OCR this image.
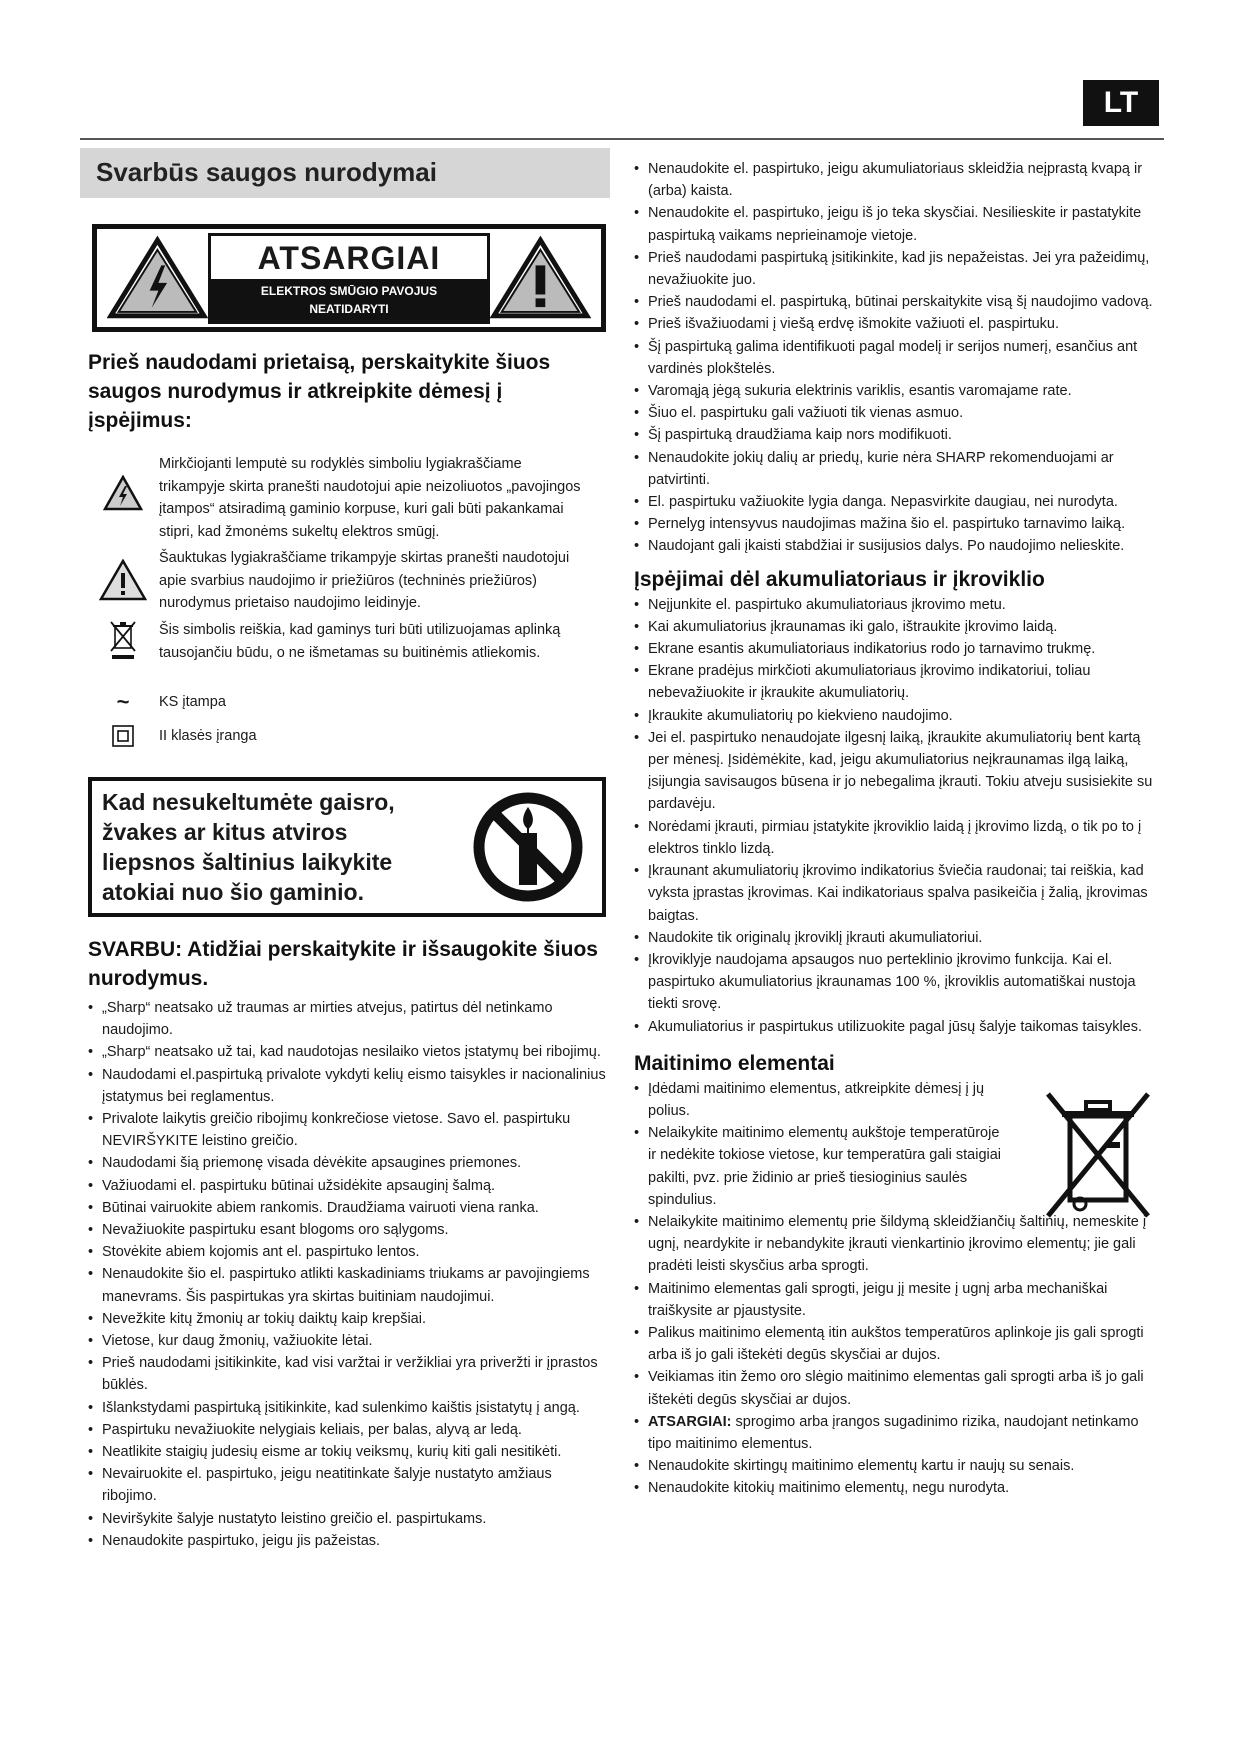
LT
Svarbūs saugos nurodymai
ATSARGIAI
ELEKTROS SMŪGIO PAVOJUS
NEATIDARYTI
Prieš naudodami prietaisą, perskaitykite šiuos saugos nurodymus ir atkreipkite dėmesį į įspėjimus:
Mirkčiojanti lemputė su rodyklės simboliu lygiakraščiame trikampyje skirta pranešti naudotojui apie neizoliuotos „pavojingos įtampos“ atsiradimą gaminio korpuse, kuri gali būti pakankamai stipri, kad žmonėms sukeltų elektros smūgį.
Šauktukas lygiakraščiame trikampyje skirtas pranešti naudotojui apie svarbius naudojimo ir priežiūros (techninės priežiūros) nurodymus prietaiso naudojimo leidinyje.
Šis simbolis reiškia, kad gaminys turi būti utilizuojamas aplinką tausojančiu būdu, o ne išmetamas su buitinėmis atliekomis.
~	KS įtampa
II klasės įranga
Kad nesukeltumėte gaisro,
žvakes ar kitus atviros
liepsnos šaltinius laikykite
atokiai nuo šio gaminio.
SVARBU: Atidžiai perskaitykite ir išsaugokite šiuos nurodymus.
• „Sharp“ neatsako už traumas ar mirties atvejus, patirtus dėl netinkamo naudojimo.
• „Sharp“ neatsako už tai, kad naudotojas nesilaiko vietos įstatymų bei ribojimų.
• Naudodami el.paspirtuką privalote vykdyti kelių eismo taisykles ir nacionalinius įstatymus bei reglamentus.
• Privalote laikytis greičio ribojimų konkrečiose vietose. Savo el. paspirtuku NEVIRŠYKITE leistino greičio.
• Naudodami šią priemonę visada dėvėkite apsaugines priemones.
• Važiuodami el. paspirtuku būtinai užsidėkite apsauginį šalmą.
• Būtinai vairuokite abiem rankomis. Draudžiama vairuoti viena ranka.
• Nevažiuokite paspirtuku esant blogoms oro sąlygoms.
• Stovėkite abiem kojomis ant el. paspirtuko lentos.
• Nenaudokite šio el. paspirtuko atlikti kaskadiniams triukams ar pavojingiems manevrams. Šis paspirtukas yra skirtas buitiniam naudojimui.
• Nevežkite kitų žmonių ar tokių daiktų kaip krepšiai.
• Vietose, kur daug žmonių, važiuokite lėtai.
• Prieš naudodami įsitikinkite, kad visi varžtai ir veržikliai yra priveržti ir įprastos būklės.
• Išlankstydami paspirtuką įsitikinkite, kad sulenkimo kaištis įsistatytų į angą.
• Paspirtuku nevažiuokite nelygiais keliais, per balas, alyvą ar ledą.
• Neatlikite staigių judesių eisme ar tokių veiksmų, kurių kiti gali nesitikėti.
• Nevairuokite el. paspirtuko, jeigu neatitinkate šalyje nustatyto amžiaus ribojimo.
• Neviršykite šalyje nustatyto leistino greičio el. paspirtukams.
• Nenaudokite paspirtuko, jeigu jis pažeistas.
• Nenaudokite el. paspirtuko, jeigu akumuliatoriaus skleidžia neįprastą kvapą ir (arba) kaista.
• Nenaudokite el. paspirtuko, jeigu iš jo teka skysčiai. Nesilieskite ir pastatykite paspirtuką vaikams neprieinamoje vietoje.
• Prieš naudodami paspirtuką įsitikinkite, kad jis nepažeistas. Jei yra pažeidimų, nevažiuokite juo.
• Prieš naudodami el. paspirtuką, būtinai perskaitykite visą šį naudojimo vadovą.
• Prieš išvažiuodami į viešą erdvę išmokite važiuoti el. paspirtuku.
• Šį paspirtuką galima identifikuoti pagal modelį ir serijos numerį, esančius ant vardinės plokštelės.
• Varomąją jėgą sukuria elektrinis variklis, esantis varomajame rate.
• Šiuo el. paspirtuku gali važiuoti tik vienas asmuo.
• Šį paspirtuką draudžiama kaip nors modifikuoti.
• Nenaudokite jokių dalių ar priedų, kurie nėra SHARP rekomenduojami ar patvirtinti.
• El. paspirtuku važiuokite lygia danga. Nepasvirkite daugiau, nei nurodyta.
• Pernelyg intensyvus naudojimas mažina šio el. paspirtuko tarnavimo laiką.
• Naudojant gali įkaisti stabdžiai ir susijusios dalys. Po naudojimo nelieskite.
Įspėjimai dėl akumuliatoriaus ir įkroviklio
• Neįjunkite el. paspirtuko akumuliatoriaus įkrovimo metu.
• Kai akumuliatorius įkraunamas iki galo, ištraukite įkrovimo laidą.
• Ekrane esantis akumuliatoriaus indikatorius rodo jo tarnavimo trukmę.
• Ekrane pradėjus mirkčioti akumuliatoriaus įkrovimo indikatoriui, toliau nebevažiuokite ir įkraukite akumuliatorių.
• Įkraukite akumuliatorių po kiekvieno naudojimo.
• Jei el. paspirtuko nenaudojate ilgesnį laiką, įkraukite akumuliatorių bent kartą per mėnesį. Įsidėmėkite, kad, jeigu akumuliatorius neįkraunamas ilgą laiką, įsijungia savisaugos būsena ir jo nebegalima įkrauti. Tokiu atveju susisiekite su pardavėju.
• Norėdami įkrauti, pirmiau įstatykite įkroviklio laidą į įkrovimo lizdą, o tik po to į elektros tinklo lizdą.
• Įkraunant akumuliatorių įkrovimo indikatorius šviečia raudonai; tai reiškia, kad vyksta įprastas įkrovimas. Kai indikatoriaus spalva pasikeičia į žalią, įkrovimas baigtas.
• Naudokite tik originalų įkroviklį įkrauti akumuliatoriui.
• Įkroviklyje naudojama apsaugos nuo perteklinio įkrovimo funkcija. Kai el. paspirtuko akumuliatorius įkraunamas 100 %, įkroviklis automatiškai nustoja tiekti srovę.
• Akumuliatorius ir paspirtukus utilizuokite pagal jūsų šalyje taikomas taisykles.
Maitinimo elementai
• Įdėdami maitinimo elementus, atkreipkite dėmesį į jų polius.
• Nelaikykite maitinimo elementų aukštoje temperatūroje ir nedėkite tokiose vietose, kur temperatūra gali staigiai pakilti, pvz. prie židinio ar prieš tiesioginius saulės spindulius.
• Nelaikykite maitinimo elementų prie šildymą skleidžiančių šaltinių, nemeskite į ugnį, neardykite ir nebandykite įkrauti vienkartinio įkrovimo elementų; jie gali pradėti leisti skysčius arba sprogti.
• Maitinimo elementas gali sprogti, jeigu jį mesite į ugnį arba mechaniškai traiškysite ar pjaustysite.
• Palikus maitinimo elementą itin aukštos temperatūros aplinkoje jis gali sprogti arba iš jo gali ištekėti degūs skysčiai ar dujos.
• Veikiamas itin žemo oro slėgio maitinimo elementas gali sprogti arba iš jo gali ištekėti degūs skysčiai ar dujos.
• ATSARGIAI: sprogimo arba įrangos sugadinimo rizika, naudojant netinkamo tipo maitinimo elementus.
• Nenaudokite skirtingų maitinimo elementų kartu ir naujų su senais.
• Nenaudokite kitokių maitinimo elementų, negu nurodyta.
